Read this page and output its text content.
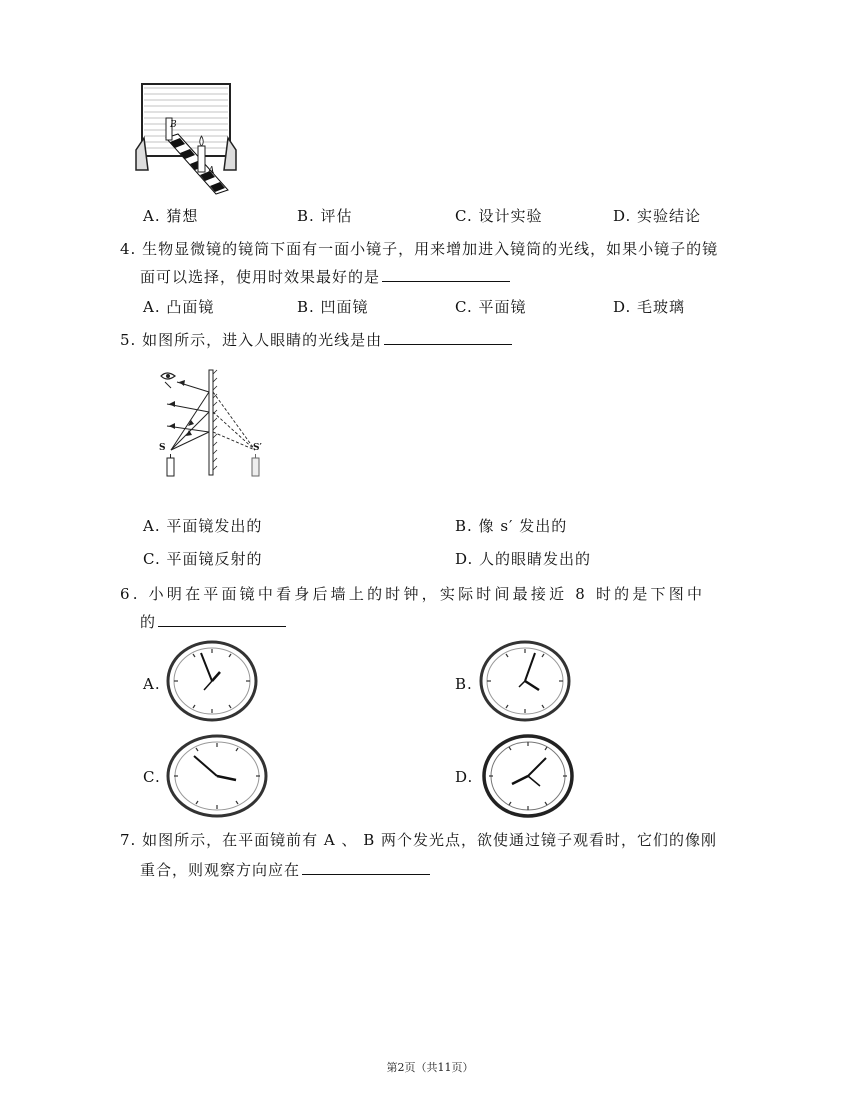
B
A
A. 猜想	B. 评估	C. 设计实验	D. 实验结论
4. 生物显微镜的镜筒下面有一面小镜子，用来增加进入镜筒的光线，如果小镜子的镜
面可以选择，使用时效果最好的是
A. 凸面镜	B. 凹面镜	C. 平面镜	D. 毛玻璃
5. 如图所示，进入人眼睛的光线是由
S	S′
A. 平面镜发出的	B. 像 s′ 发出的
C. 平面镜反射的	D. 人的眼睛发出的
6. 小明在平面镜中看身后墙上的时钟，实际时间最接近 8 时的是下图中
的
A.	B.
C.	D.
7. 如图所示，在平面镜前有 A 、 B 两个发光点，欲使通过镜子观看时，它们的像刚
重合，则观察方向应在
第2页（共11页）
